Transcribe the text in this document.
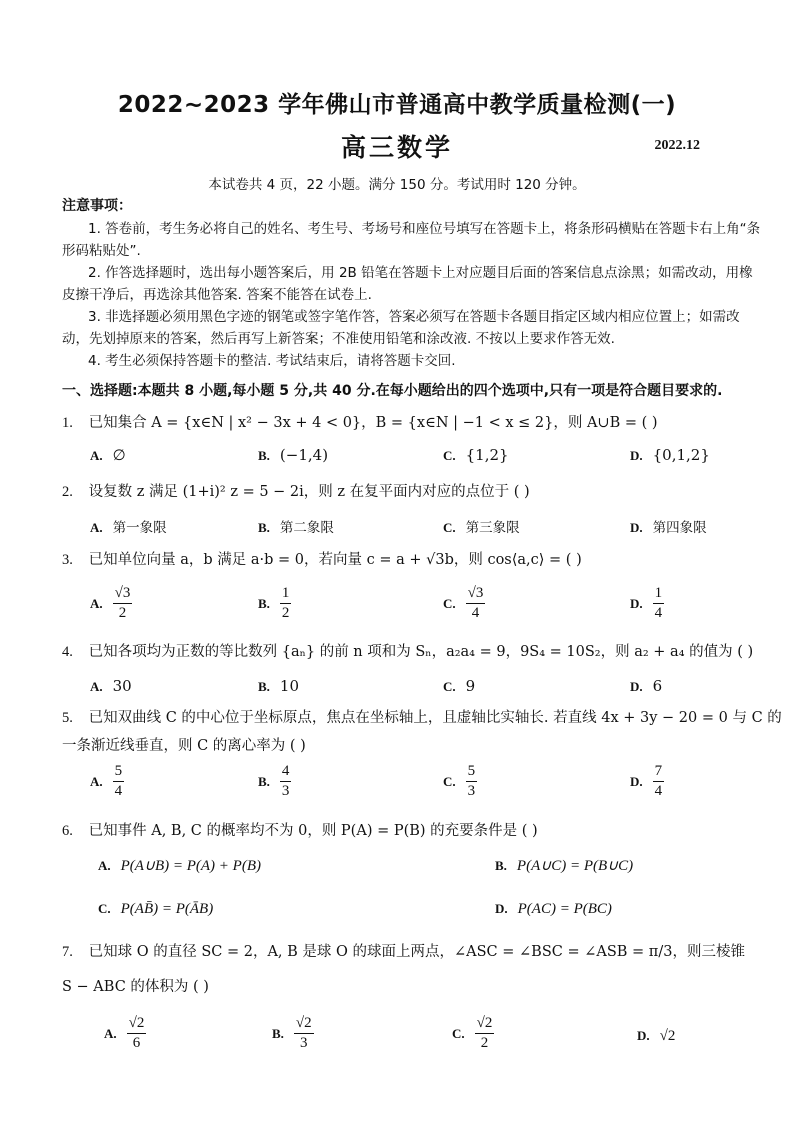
2022~2023 学年佛山市普通高中教学质量检测(一)
高三数学	2022.12
本试卷共 4 页，22 小题。满分 150 分。考试用时 120 分钟。
注意事项：
1. 答卷前，考生务必将自己的姓名、考生号、考场号和座位号填写在答题卡上，将条形码横贴在答题卡右上角“条形码粘贴处”.
2. 作答选择题时，选出每小题答案后，用 2B 铅笔在答题卡上对应题目后面的答案信息点涂黑；如需改动，用橡皮擦干净后，再选涂其他答案. 答案不能答在试卷上.
3. 非选择题必须用黑色字迹的钢笔或签字笔作答，答案必须写在答题卡各题目指定区域内相应位置上；如需改动，先划掉原来的答案，然后再写上新答案；不准使用铅笔和涂改液. 不按以上要求作答无效.
4. 考生必须保持答题卡的整洁. 考试结束后，请将答题卡交回.
一、选择题:本题共 8 小题,每小题 5 分,共 40 分.在每小题给出的四个选项中,只有一项是符合题目要求的.
1. 已知集合 A = {x∈N | x² − 3x + 4 < 0}，B = {x∈N | −1 < x ≤ 2}，则 A∪B = ( )
A. ∅	B. (−1,4)	C. {1,2}	D. {0,1,2}
2. 设复数 z 满足 (1+i)² z = 5 − 2i，则 z 在复平面内对应的点位于 ( )
A. 第一象限	B. 第二象限	C. 第三象限	D. 第四象限
3. 已知单位向量 a，b 满足 a·b = 0，若向量 c = a + √3b，则 cos⟨a,c⟩ = ( )
A. $\frac{√3}{2}$	B. $\frac{1}{2}$	C. $\frac{√3}{4}$	D. $\frac{1}{4}$
4. 已知各项均为正数的等比数列 {aₙ} 的前 n 项和为 Sₙ，a₂a₄ = 9，9S₄ = 10S₂，则 a₂ + a₄ 的值为 ( )
A. 30	B. 10	C. 9	D. 6
5. 已知双曲线 C 的中心位于坐标原点，焦点在坐标轴上，且虚轴比实轴长. 若直线 4x + 3y − 20 = 0 与 C 的
一条渐近线垂直，则 C 的离心率为 ( )
A. $\frac{5}{4}$	B. $\frac{4}{3}$	C. $\frac{5}{3}$	D. $\frac{7}{4}$
6. 已知事件 A, B, C 的概率均不为 0，则 P(A) = P(B) 的充要条件是 ( )
A. P(A∪B) = P(A) + P(B)	B. P(A∪C) = P(B∪C)
C. P(AB̄) = P(ĀB)	D. P(AC) = P(BC)
7. 已知球 O 的直径 SC = 2，A, B 是球 O 的球面上两点，∠ASC = ∠BSC = ∠ASB = π/3，则三棱锥
S − ABC 的体积为 ( )
A. $\frac{√2}{6}$	B. $\frac{√2}{3}$	C. $\frac{√2}{2}$	D. √2
